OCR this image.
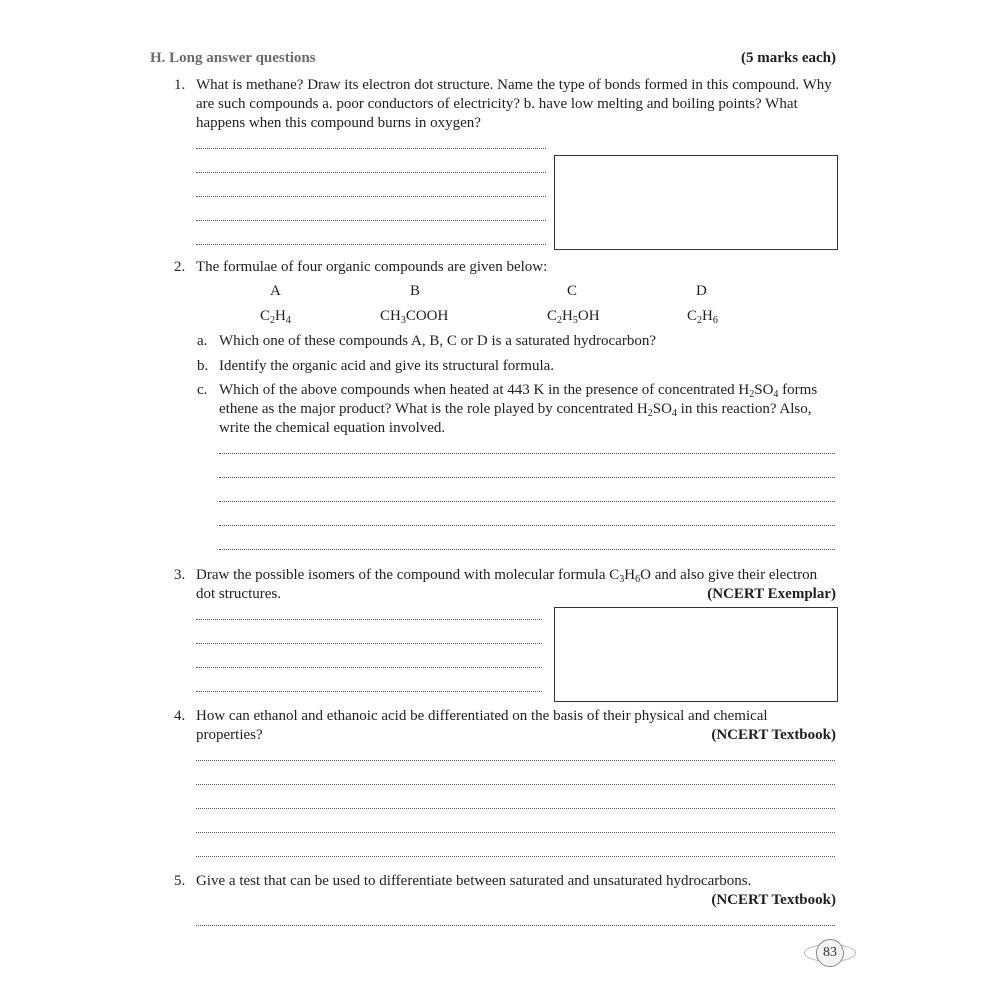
H. Long answer questions	(5 marks each)
1. What is methane? Draw its electron dot structure. Name the type of bonds formed in this compound. Why
are such compounds a. poor conductors of electricity? b. have low melting and boiling points? What
happens when this compound burns in oxygen?
2. The formulae of four organic compounds are given below:
A	B	C	D
$C_2H_4$	$CH_3COOH$	$C_2H_5OH$	$C_2H_6$
a. Which one of these compounds A, B, C or D is a saturated hydrocarbon?
b. Identify the organic acid and give its structural formula.
c. Which of the above compounds when heated at 443 K in the presence of concentrated $H_2SO_4$ forms
ethene as the major product? What is the role played by concentrated $H_2SO_4$ in this reaction? Also,
write the chemical equation involved.
3. Draw the possible isomers of the compound with molecular formula $C_3H_6O$ and also give their electron
dot structures.	(NCERT Exemplar)
4. How can ethanol and ethanoic acid be differentiated on the basis of their physical and chemical
properties?	(NCERT Textbook)
5. Give a test that can be used to differentiate between saturated and unsaturated hydrocarbons.
(NCERT Textbook)
83
